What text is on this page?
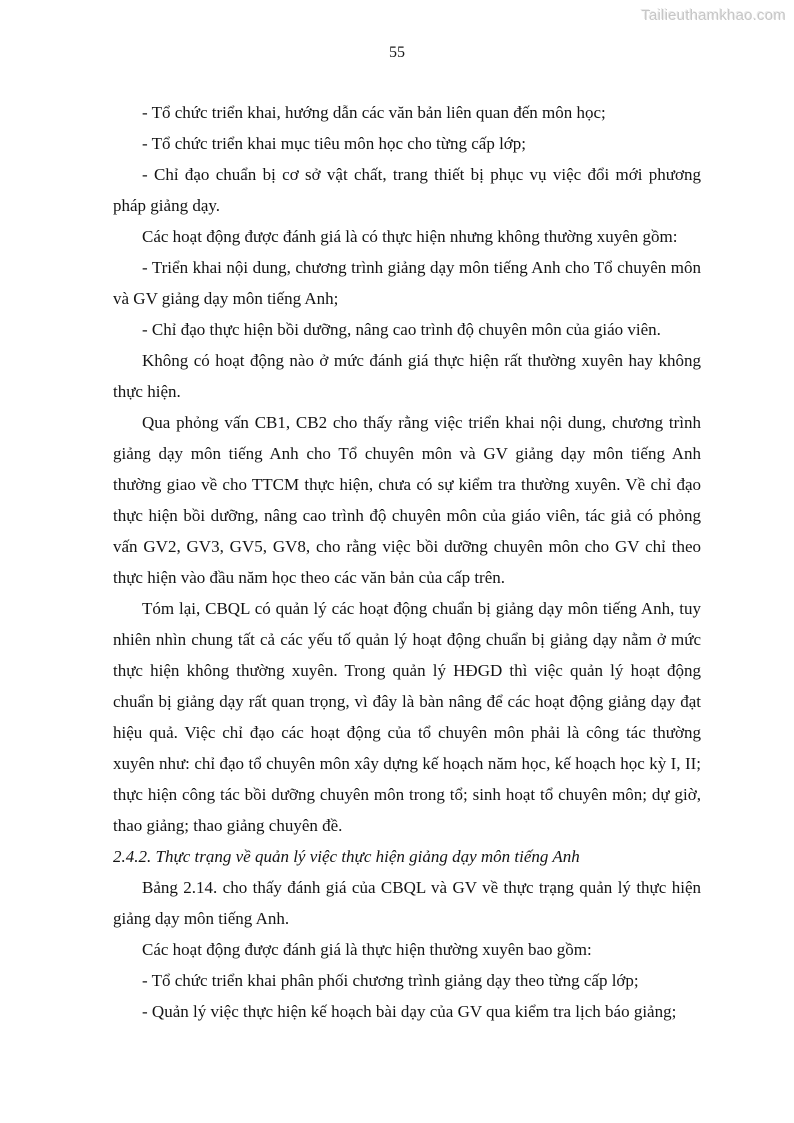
Tailieuthamkhao.com
55

- Tổ chức triển khai, hướng dẫn các văn bản liên quan đến môn học;

- Tổ chức triển khai mục tiêu môn học cho từng cấp lớp;

- Chỉ đạo chuẩn bị cơ sở vật chất, trang thiết bị phục vụ việc đổi mới phương pháp giảng dạy.

Các hoạt động được đánh giá là có thực hiện nhưng không thường xuyên gồm:

- Triển khai nội dung, chương trình giảng dạy môn tiếng Anh cho Tổ chuyên môn và GV giảng dạy môn tiếng Anh;

- Chỉ đạo thực hiện bồi dưỡng, nâng cao trình độ chuyên môn của giáo viên.

Không có hoạt động nào ở mức đánh giá thực hiện rất thường xuyên hay không thực hiện.

Qua phỏng vấn CB1, CB2 cho thấy rằng việc triển khai nội dung, chương trình giảng dạy môn tiếng Anh cho Tổ chuyên môn và GV giảng dạy môn tiếng Anh thường giao về cho TTCM thực hiện, chưa có sự kiểm tra thường xuyên. Về chỉ đạo thực hiện bồi dưỡng, nâng cao trình độ chuyên môn của giáo viên, tác giả có phỏng vấn GV2, GV3, GV5, GV8, cho rằng việc bồi dưỡng chuyên môn cho GV chỉ theo thực hiện vào đầu năm học theo các văn bản của cấp trên.

Tóm lại, CBQL có quản lý các hoạt động chuẩn bị giảng dạy môn tiếng Anh, tuy nhiên nhìn chung tất cả các yếu tố quản lý hoạt động chuẩn bị giảng dạy nằm ở mức thực hiện không thường xuyên. Trong quản lý HĐGD thì việc quản lý hoạt động chuẩn bị giảng dạy rất quan trọng, vì đây là bàn nâng để các hoạt động giảng dạy đạt hiệu quả. Việc chỉ đạo các hoạt động của tổ chuyên môn phải là công tác thường xuyên như: chỉ đạo tổ chuyên môn xây dựng kế hoạch năm học, kế hoạch học kỳ I, II; thực hiện công tác bồi dưỡng chuyên môn trong tổ; sinh hoạt tổ chuyên môn; dự giờ, thao giảng; thao giảng chuyên đề.

2.4.2. Thực trạng về quản lý việc thực hiện giảng dạy môn tiếng Anh

Bảng 2.14. cho thấy đánh giá của CBQL và GV về thực trạng quản lý thực hiện giảng dạy môn tiếng Anh.

Các hoạt động được đánh giá là thực hiện thường xuyên bao gồm:

- Tổ chức triển khai phân phối chương trình giảng dạy theo từng cấp lớp;

- Quản lý việc thực hiện kế hoạch bài dạy của GV qua kiểm tra lịch báo giảng;
